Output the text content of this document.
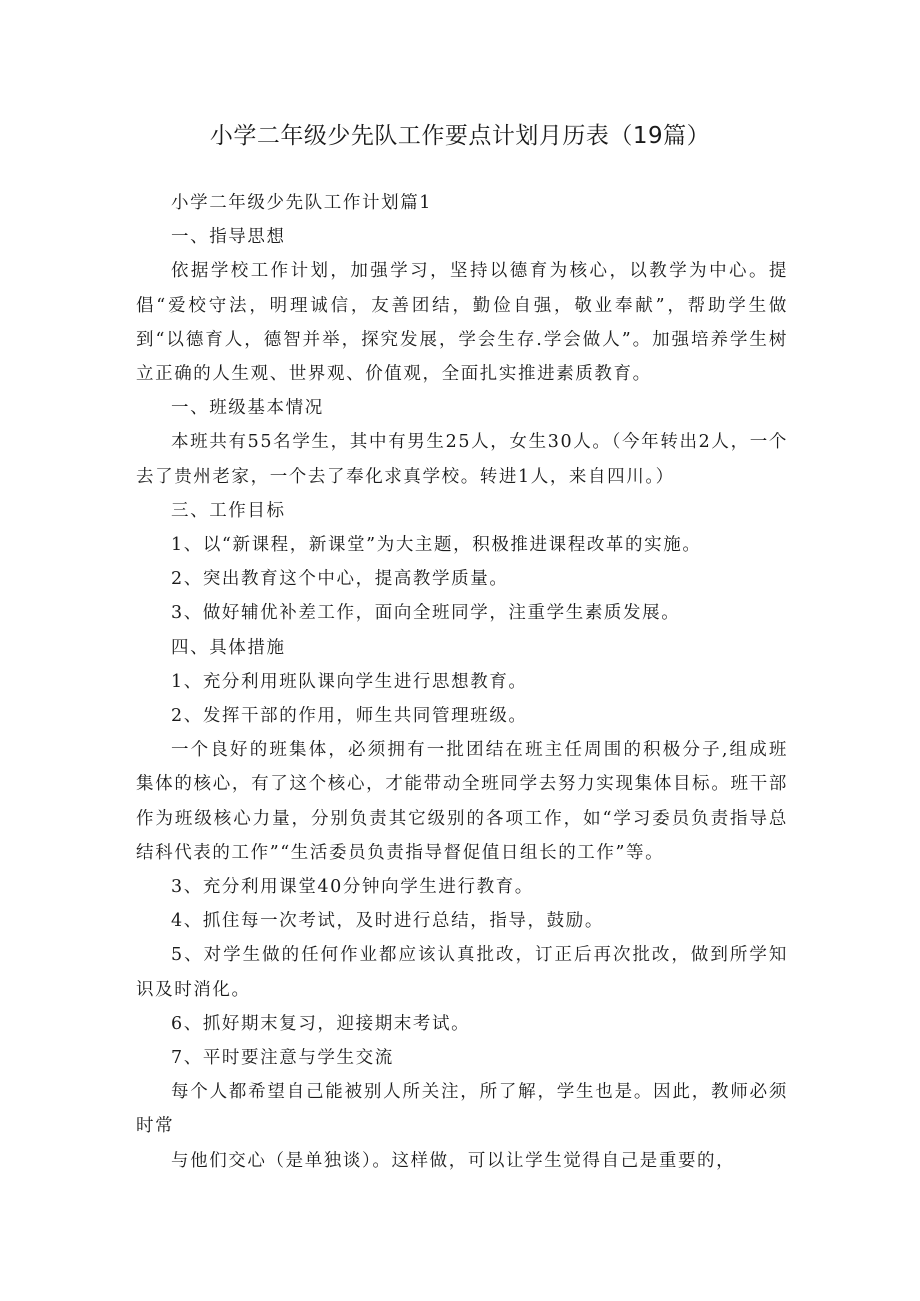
小学二年级少先队工作要点计划月历表（19篇）

小学二年级少先队工作计划篇1

一、指导思想

依据学校工作计划，加强学习，坚持以德育为核心，以教学为中心。提倡“爱校守法，明理诚信，友善团结，勤俭自强，敬业奉献”，帮助学生做到“以德育人，德智并举，探究发展，学会生存.学会做人”。加强培养学生树立正确的人生观、世界观、价值观，全面扎实推进素质教育。

一、班级基本情况

本班共有55名学生，其中有男生25人，女生30人。（今年转出2人，一个去了贵州老家，一个去了奉化求真学校。转进1人，来自四川。）

三、工作目标

1、以“新课程，新课堂”为大主题，积极推进课程改革的实施。

2、突出教育这个中心，提高教学质量。

3、做好辅优补差工作，面向全班同学，注重学生素质发展。

四、具体措施

1、充分利用班队课向学生进行思想教育。

2、发挥干部的作用，师生共同管理班级。

一个良好的班集体，必须拥有一批团结在班主任周围的积极分子,组成班集体的核心，有了这个核心，才能带动全班同学去努力实现集体目标。班干部作为班级核心力量，分别负责其它级别的各项工作，如“学习委员负责指导总结科代表的工作”“生活委员负责指导督促值日组长的工作”等。

3、充分利用课堂40分钟向学生进行教育。

4、抓住每一次考试，及时进行总结，指导，鼓励。

5、对学生做的任何作业都应该认真批改，订正后再次批改，做到所学知识及时消化。

6、抓好期末复习，迎接期末考试。

7、平时要注意与学生交流

每个人都希望自己能被别人所关注，所了解，学生也是。因此，教师必须时常

与他们交心（是单独谈）。这样做，可以让学生觉得自己是重要的，
